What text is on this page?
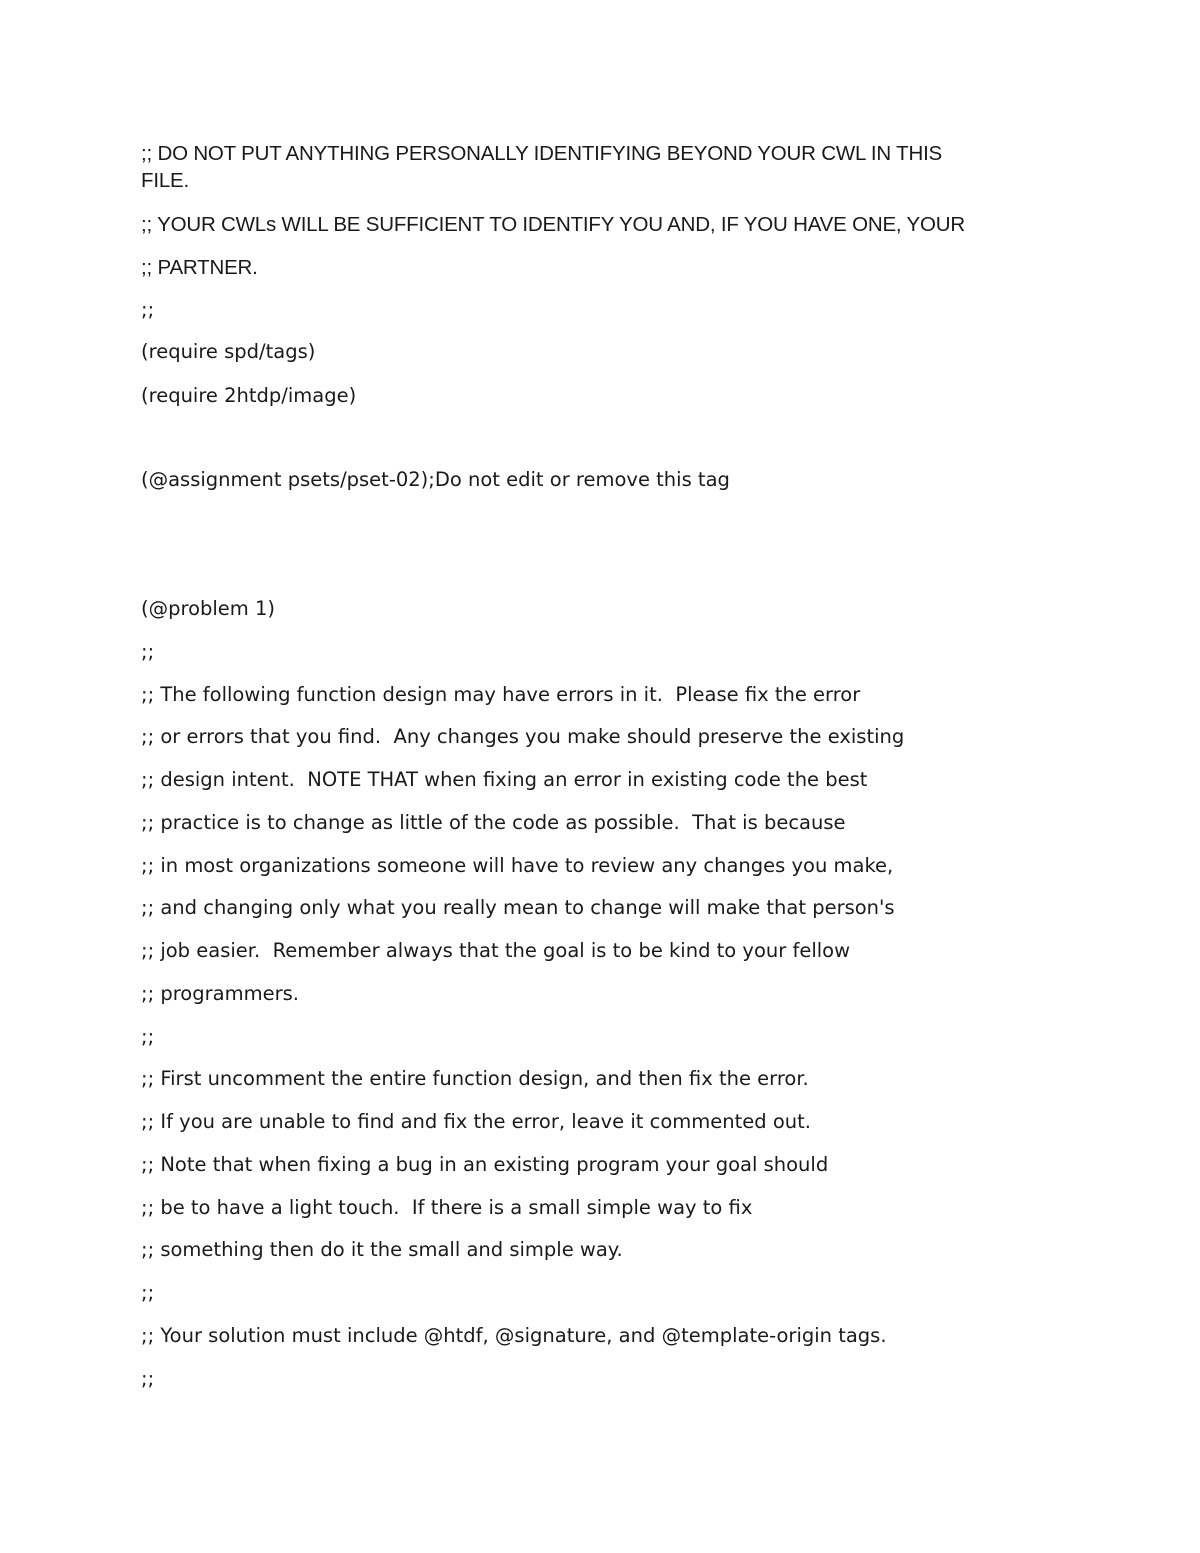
;; DO NOT PUT ANYTHING PERSONALLY IDENTIFYING BEYOND YOUR CWL IN THIS
FILE.
;; YOUR CWLs WILL BE SUFFICIENT TO IDENTIFY YOU AND, IF YOU HAVE ONE, YOUR
;; PARTNER.
;;
(require spd/tags)
(require 2htdp/image)
(@assignment psets/pset-02);Do not edit or remove this tag
(@problem 1)
;;
;; The following function design may have errors in it.  Please fix the error
;; or errors that you find.  Any changes you make should preserve the existing
;; design intent.  NOTE THAT when fixing an error in existing code the best
;; practice is to change as little of the code as possible.  That is because
;; in most organizations someone will have to review any changes you make,
;; and changing only what you really mean to change will make that person's
;; job easier.  Remember always that the goal is to be kind to your fellow
;; programmers.
;;
;; First uncomment the entire function design, and then fix the error.
;; If you are unable to find and fix the error, leave it commented out.
;; Note that when fixing a bug in an existing program your goal should
;; be to have a light touch.  If there is a small simple way to fix
;; something then do it the small and simple way.
;;
;; Your solution must include @htdf, @signature, and @template-origin tags.
;;
